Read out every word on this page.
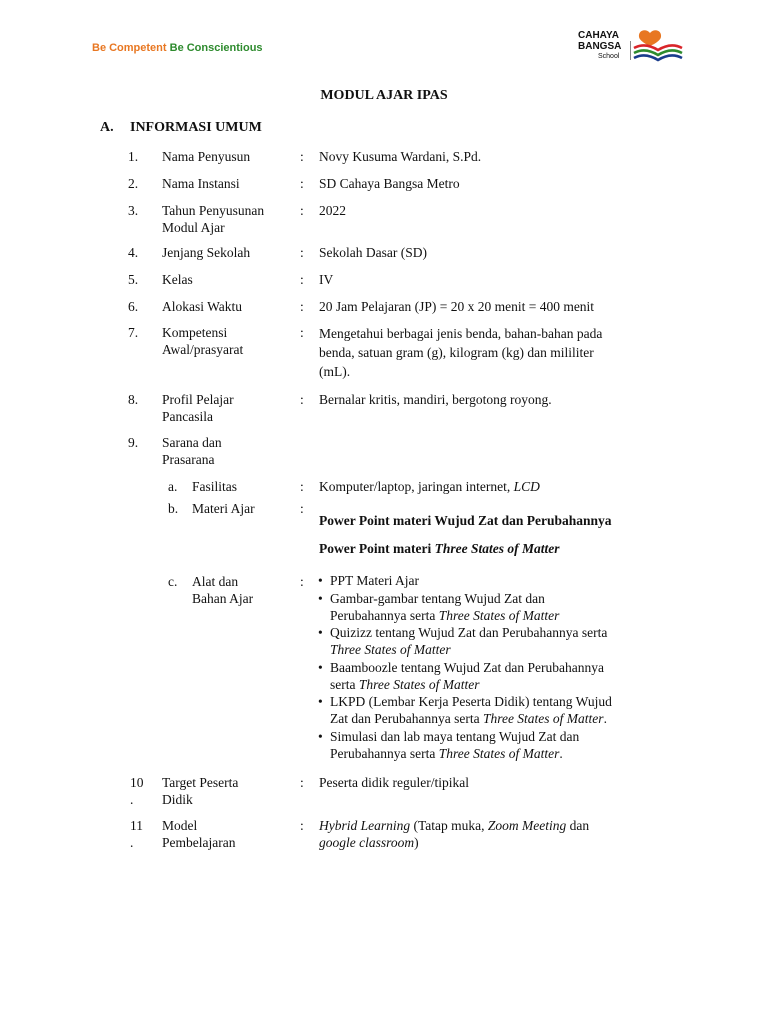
Be Competent Be Conscientious
CAHAYA
BANGSA
School
MODUL AJAR IPAS
A. INFORMASI UMUM
1. Nama Penyusun	: Novy Kusuma Wardani, S.Pd.
2. Nama Instansi	: SD Cahaya Bangsa Metro
3. Tahun Penyusunan
Modul Ajar
: 2022
4. Jenjang Sekolah	: Sekolah Dasar (SD)
5. Kelas	: IV
6. Alokasi Waktu	: 20 Jam Pelajaran (JP) = 20 x 20 menit = 400 menit
7. Kompetensi
Awal/prasyarat
: Mengetahui berbagai jenis benda, bahan-bahan pada
benda, satuan gram (g), kilogram (kg) dan mililiter
(mL).
8. Profil Pelajar
Pancasila
: Bernalar kritis, mandiri, bergotong royong.
9. Sarana dan
Prasarana
a. Fasilitas	: Komputer/laptop, jaringan internet, LCD
b. Materi Ajar	:
Power Point materi Wujud Zat dan Perubahannya
Power Point materi Three States of Matter
c. Alat dan
Bahan Ajar
:
•	PPT Materi Ajar
• Gambar-gambar tentang Wujud Zat dan
Perubahannya serta Three States of Matter
• Quizizz tentang Wujud Zat dan Perubahannya serta
Three States of Matter
• Baamboozle tentang Wujud Zat dan Perubahannya
serta Three States of Matter
• LKPD (Lembar Kerja Peserta Didik) tentang Wujud
Zat dan Perubahannya serta Three States of Matter.
• Simulasi dan lab maya tentang Wujud Zat dan
Perubahannya serta Three States of Matter.
10
.
Target Peserta
Didik
: Peserta didik reguler/tipikal
11
.
Model
Pembelajaran
: Hybrid Learning (Tatap muka, Zoom Meeting dan
google classroom)
